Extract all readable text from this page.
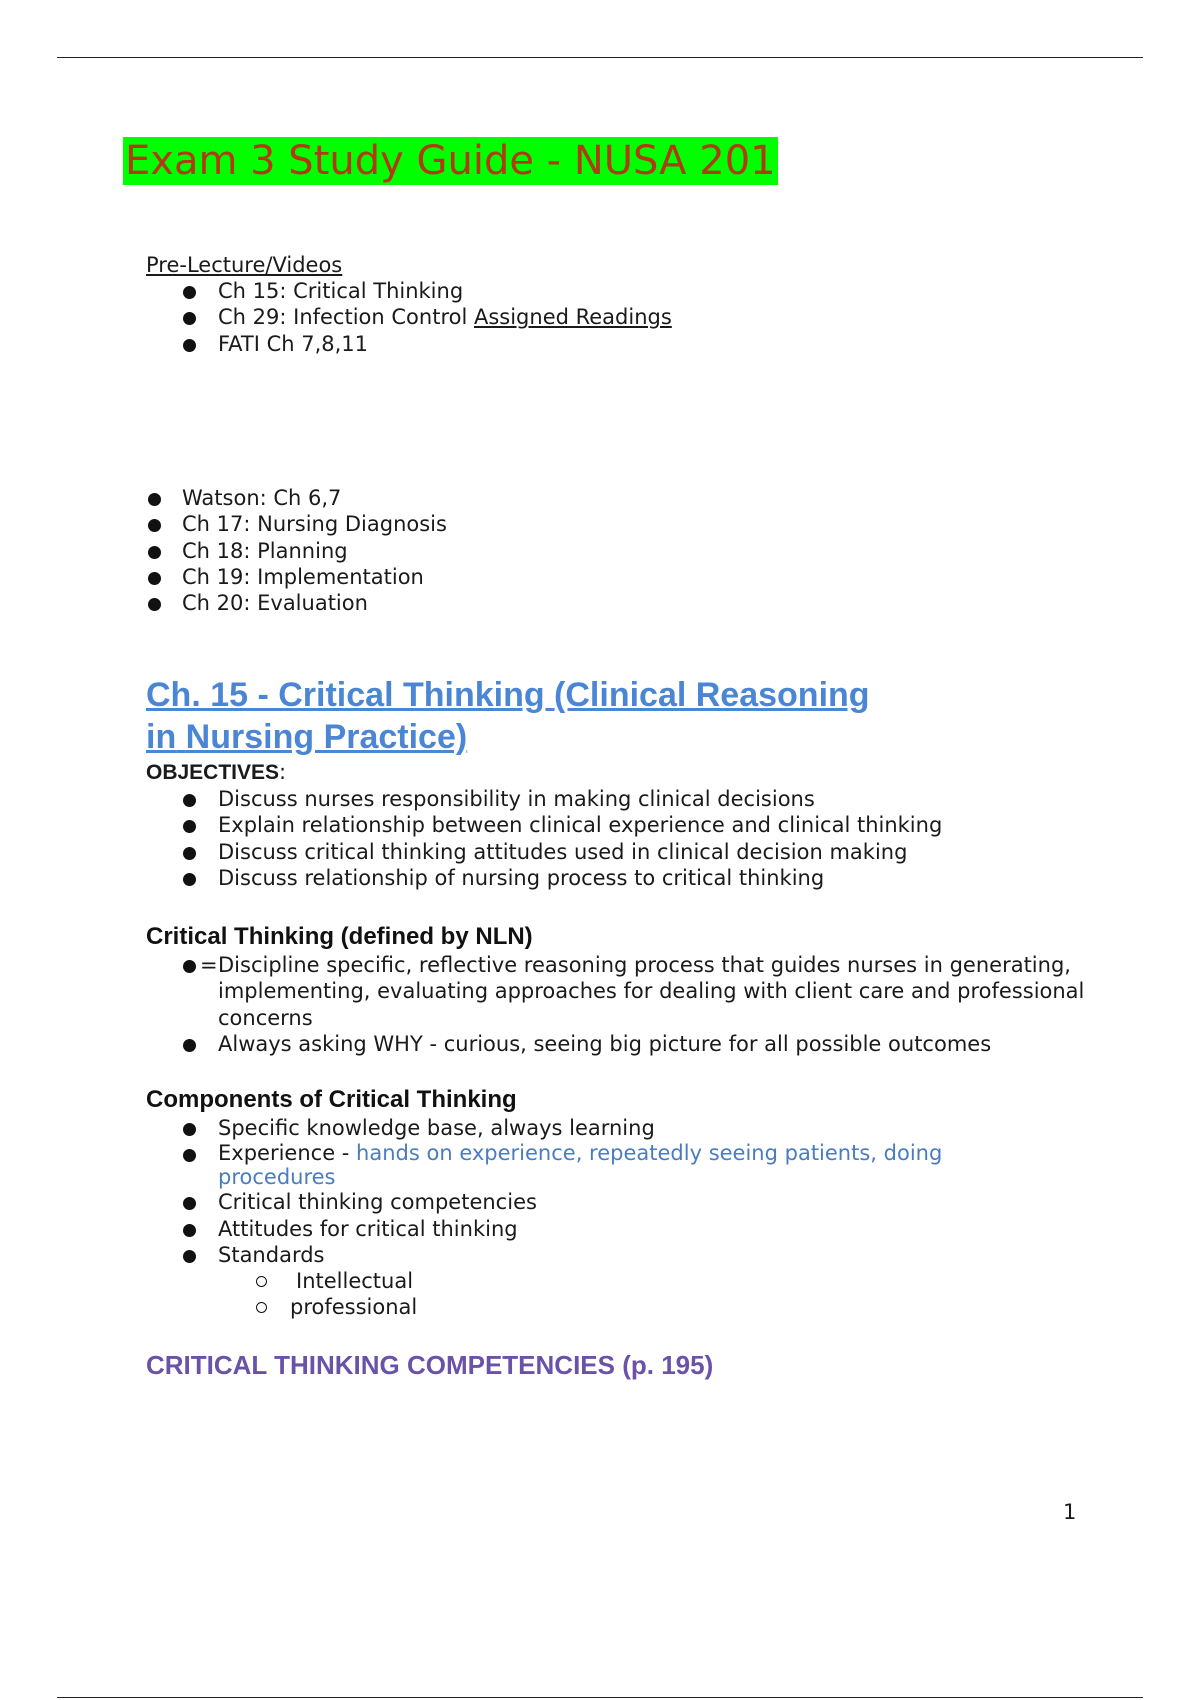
Exam 3 Study Guide - NUSA 201
Pre-Lecture/Videos
Ch 15: Critical Thinking
Ch 29: Infection Control Assigned Readings
FATI Ch 7,8,11
Watson: Ch 6,7
Ch 17: Nursing Diagnosis
Ch 18: Planning
Ch 19: Implementation
Ch 20: Evaluation
Ch. 15 - Critical Thinking (Clinical Reasoning
in Nursing Practice)
OBJECTIVES:
Discuss nurses responsibility in making clinical decisions
Explain relationship between clinical experience and clinical thinking
Discuss critical thinking attitudes used in clinical decision making
Discuss relationship of nursing process to critical thinking
Critical Thinking (defined by NLN)
= Discipline specific, reflective reasoning process that guides nurses in generating, implementing, evaluating approaches for dealing with client care and professional concerns
Always asking WHY - curious, seeing big picture for all possible outcomes
Components of Critical Thinking
Specific knowledge base, always learning
Experience - hands on experience, repeatedly seeing patients, doing procedures
Critical thinking competencies
Attitudes for critical thinking
Standards
Intellectual
professional
CRITICAL THINKING COMPETENCIES (p. 195)
1
